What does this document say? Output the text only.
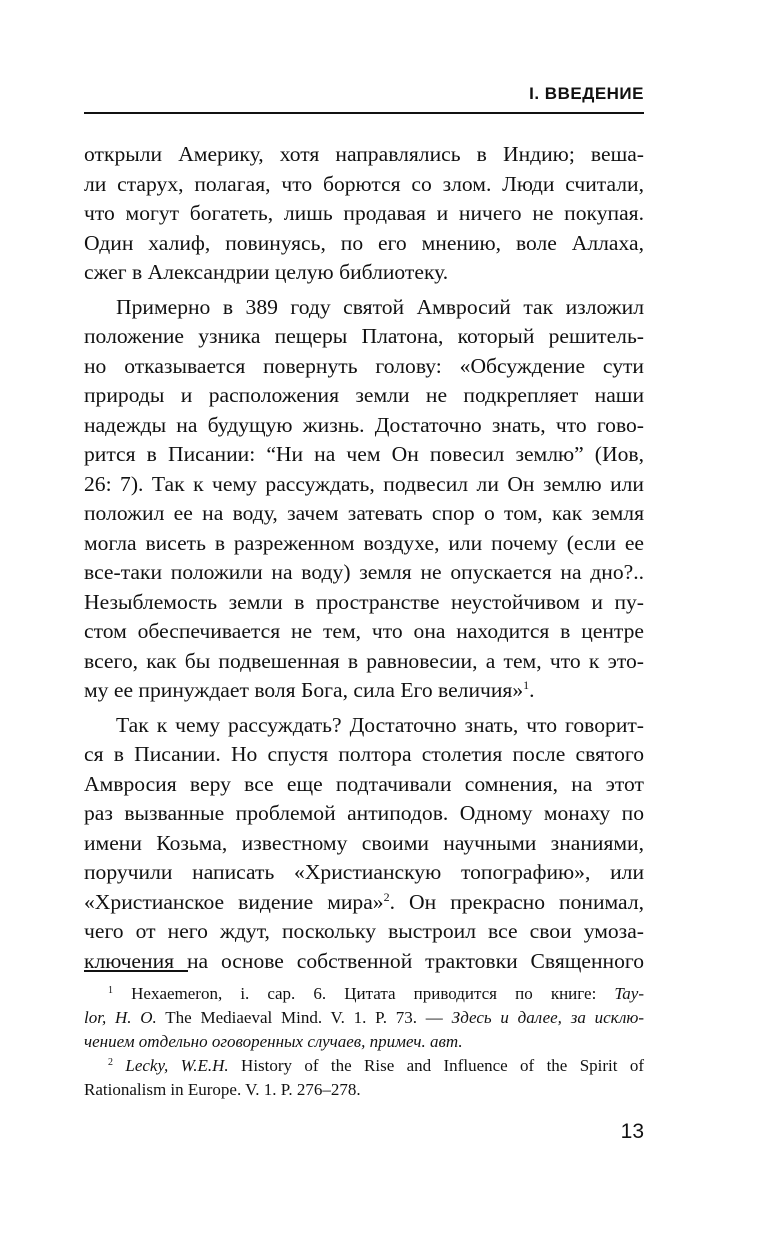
I. ВВЕДЕНИЕ
открыли Америку, хотя направлялись в Индию; веша-
ли старух, полагая, что борются со злом. Люди считали,
что могут богатеть, лишь продавая и ничего не покупая.
Один халиф, повинуясь, по его мнению, воле Аллаха,
сжег в Александрии целую библиотеку.
Примерно в 389 году святой Амвросий так изложил
положение узника пещеры Платона, который решитель-
но отказывается повернуть голову: «Обсуждение сути
природы и расположения земли не подкрепляет наши
надежды на будущую жизнь. Достаточно знать, что гово-
рится в Писании: “Ни на чем Он повесил землю” (Иов,
26: 7). Так к чему рассуждать, подвесил ли Он землю или
положил ее на воду, зачем затевать спор о том, как земля
могла висеть в разреженном воздухе, или почему (если ее
все-таки положили на воду) земля не опускается на дно?..
Незыблемость земли в пространстве неустойчивом и пу-
стом обеспечивается не тем, что она находится в центре
всего, как бы подвешенная в равновесии, а тем, что к это-
му ее принуждает воля Бога, сила Его величия»$^1$.
Так к чему рассуждать? Достаточно знать, что говорит-
ся в Писании. Но спустя полтора столетия после святого
Амвросия веру все еще подтачивали сомнения, на этот
раз вызванные проблемой антиподов. Одному монаху по
имени Козьма, известному своими научными знаниями,
поручили написать «Христианскую топографию», или
«Христианское видение мира»$^2$. Он прекрасно понимал,
чего от него ждут, поскольку выстроил все свои умоза-
ключения на основе собственной трактовки Священного
$^1$ Hexaemeron, i. cap. 6. Цитата приводится по книге: Tay-
lor, H. O. The Mediaeval Mind. V. 1. P. 73. — Здесь и далее, за исклю-
чением отдельно оговоренных случаев, примеч. авт.
$^2$ Lecky, W.E.H. History of the Rise and Influence of the Spirit of
Rationalism in Europe. V. 1. P. 276–278.
13
